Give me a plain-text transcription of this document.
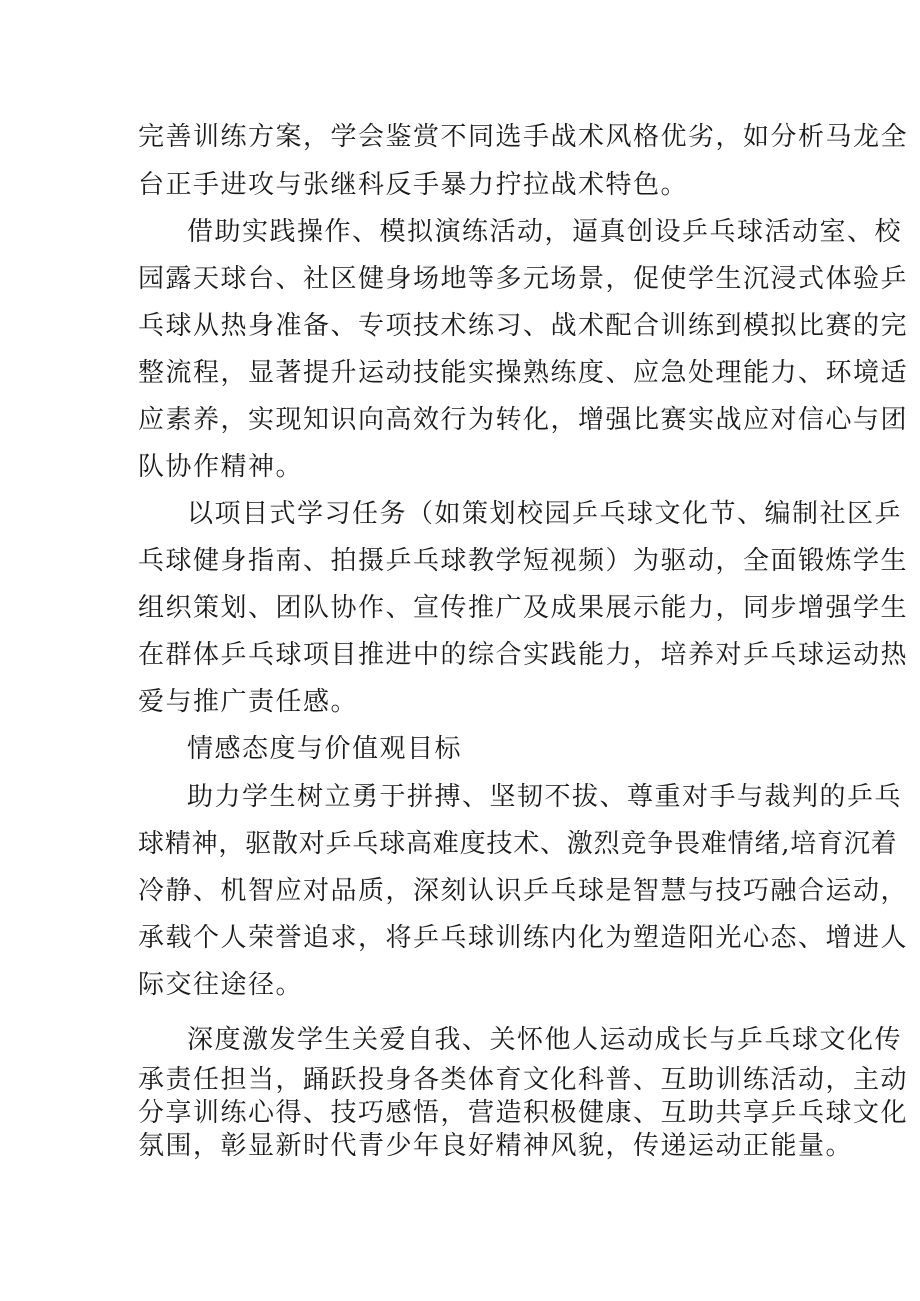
完善训练方案，学会鉴赏不同选手战术风格优劣，如分析马龙全
台正手进攻与张继科反手暴力拧拉战术特色。
借助实践操作、模拟演练活动，逼真创设乒乓球活动室、校
园露天球台、社区健身场地等多元场景，促使学生沉浸式体验乒
乓球从热身准备、专项技术练习、战术配合训练到模拟比赛的完
整流程，显著提升运动技能实操熟练度、应急处理能力、环境适
应素养，实现知识向高效行为转化，增强比赛实战应对信心与团
队协作精神。
以项目式学习任务（如策划校园乒乓球文化节、编制社区乒
乓球健身指南、拍摄乒乓球教学短视频）为驱动，全面锻炼学生
组织策划、团队协作、宣传推广及成果展示能力，同步增强学生
在群体乒乓球项目推进中的综合实践能力，培养对乒乓球运动热
爱与推广责任感。
情感态度与价值观目标
助力学生树立勇于拼搏、坚韧不拔、尊重对手与裁判的乒乓
球精神，驱散对乒乓球高难度技术、激烈竞争畏难情绪,培育沉着
冷静、机智应对品质，深刻认识乒乓球是智慧与技巧融合运动，
承载个人荣誉追求，将乒乓球训练内化为塑造阳光心态、增进人
际交往途径。
深度激发学生关爱自我、关怀他人运动成长与乒乓球文化传
承责任担当，踊跃投身各类体育文化科普、互助训练活动，主动
分享训练心得、技巧感悟，营造积极健康、互助共享乒乓球文化
氛围，彰显新时代青少年良好精神风貌，传递运动正能量。
